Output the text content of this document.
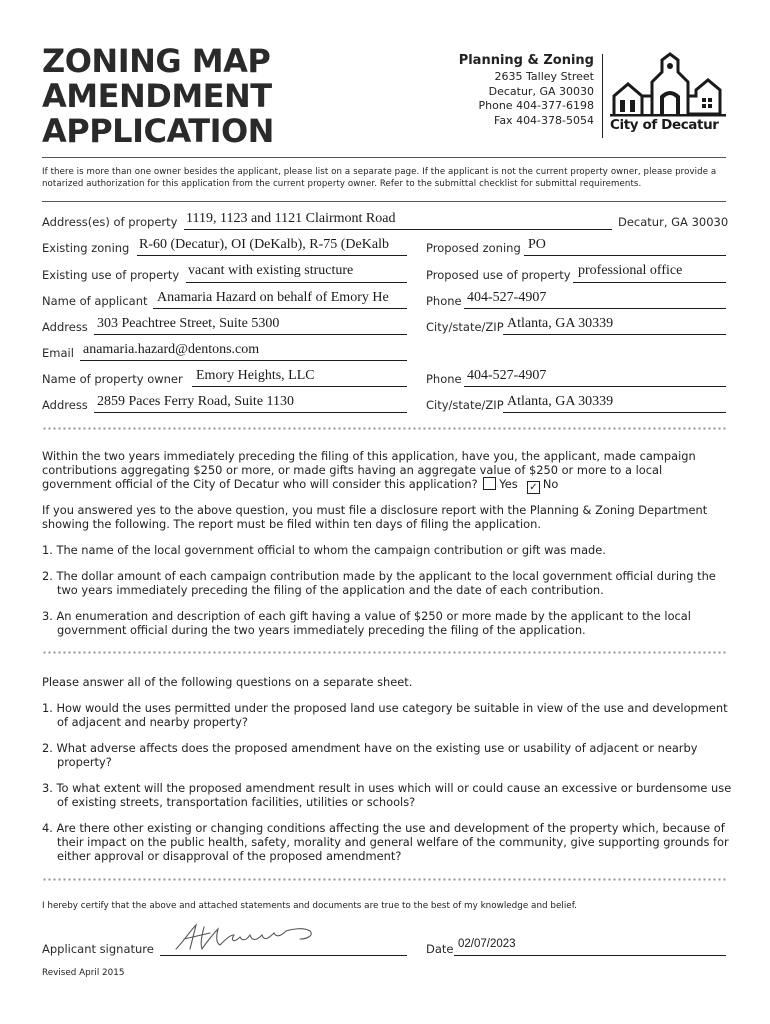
ZONING MAP
AMENDMENT
APPLICATION
Planning & Zoning
2635 Talley Street
Decatur, GA 30030
Phone 404-377-6198
Fax 404-378-5054 City of Decatur
If there is more than one owner besides the applicant, please list on a separate page. If the applicant is not the current property owner, please provide a notarized authorization for this application from the current property owner. Refer to the submittal checklist for submittal requirements.
Address(es) of property 1119, 1123 and 1121 Clairmont Road	Decatur, GA 30030
Existing zoning R-60 (Decatur), OI (DeKalb), R-75 (DeKalb	Proposed zoning PO
Existing use of property vacant with existing structure	Proposed use of property professional office
Name of applicant Anamaria Hazard on behalf of Emory He	Phone 404-527-4907
Address 303 Peachtree Street, Suite 5300	City/state/ZIP Atlanta, GA 30339
Email anamaria.hazard@dentons.com
Name of property owner Emory Heights, LLC	Phone 404-527-4907
Address 2859 Paces Ferry Road, Suite 1130	City/state/ZIP Atlanta, GA 30339
Within the two years immediately preceding the filing of this application, have you, the applicant, made campaign contributions aggregating $250 or more, or made gifts having an aggregate value of $250 or more to a local government official of the City of Decatur who will consider this application? Yes ✓ No
If you answered yes to the above question, you must file a disclosure report with the Planning & Zoning Department showing the following. The report must be filed within ten days of filing the application.
1. The name of the local government official to whom the campaign contribution or gift was made.
2. The dollar amount of each campaign contribution made by the applicant to the local government official during the two years immediately preceding the filing of the application and the date of each contribution.
3. An enumeration and description of each gift having a value of $250 or more made by the applicant to the local government official during the two years immediately preceding the filing of the application.
Please answer all of the following questions on a separate sheet.
1. How would the uses permitted under the proposed land use category be suitable in view of the use and development of adjacent and nearby property?
2. What adverse affects does the proposed amendment have on the existing use or usability of adjacent or nearby property?
3. To what extent will the proposed amendment result in uses which will or could cause an excessive or burdensome use of existing streets, transportation facilities, utilities or schools?
4. Are there other existing or changing conditions affecting the use and development of the property which, because of their impact on the public health, safety, morality and general welfare of the community, give supporting grounds for either approval or disapproval of the proposed amendment?
I hereby certify that the above and attached statements and documents are true to the best of my knowledge and belief.
Applicant signature	Date 02/07/2023
Revised April 2015
